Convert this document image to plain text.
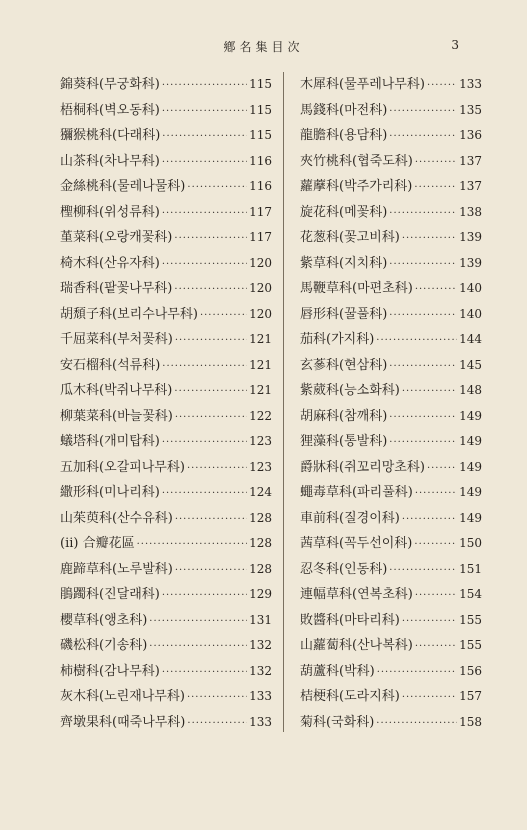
鄕名集目次	3
錦葵科(무궁화科) ·····	115
梧桐科(벽오동科) ·····	115
獼猴桃科(다래科) ·····	115
山茶科(차나무科) ·····	116
金絲桃科(물레나물科) ·····	116
檉柳科(위성류科) ·····	117
堇菜科(오랑캐꽃科) ·····	117
椅木科(산유자科) ·····	120
瑞香科(팥꽃나무科) ·····	120
胡頹子科(보리수나무科) ·····	120
千屈菜科(부처꽃科) ·····	121
安石榴科(석류科) ·····	121
瓜木科(박쥐나무科) ·····	121
柳葉菜科(바늘꽃科) ·····	122
蟻塔科(개미탑科) ·····	123
五加科(오갈피나무科) ·····	123
繖形科(미나리科) ·····	124
山茱萸科(산수유科) ·····	128
(ii) 合瓣花區 ·····	128
鹿蹄草科(노루발科) ·····	128
鵑躅科(진달래科) ·····	129
櫻草科(앵초科) ·····	131
磯松科(기송科) ·····	132
柿樹科(감나무科) ·····	132
灰木科(노린재나무科) ·····	133
齊墩果科(때죽나무科) ·····	133
木犀科(물푸레나무科) ·····	133
馬錢科(마전科) ·····	135
龍膽科(용담科) ·····	136
夾竹桃科(협죽도科) ·····	137
蘿藦科(박주가리科) ·····	137
旋花科(메꽃科) ·····	138
花葱科(꽃고비科) ·····	139
紫草科(지치科) ·····	139
馬鞭草科(마편초科) ·····	140
唇形科(꿀풀科) ·····	140
茄科(가지科) ·····	144
玄蔘科(현삼科) ·····	145
紫葳科(능소화科) ·····	148
胡麻科(참깨科) ·····	149
狸藻科(통발科) ·····	149
爵牀科(쥐꼬리망초科) ·····	149
蠅毒草科(파리풀科) ·····	149
車前科(질경이科) ·····	149
茜草科(꼭두선이科) ·····	150
忍冬科(인동科) ·····	151
連幅草科(연복초科) ·····	154
敗醬科(마타리科) ·····	155
山蘿蔔科(산나복科) ·····	155
葫蘆科(박科) ·····	156
桔梗科(도라지科) ·····	157
菊科(국화科) ·····	158
